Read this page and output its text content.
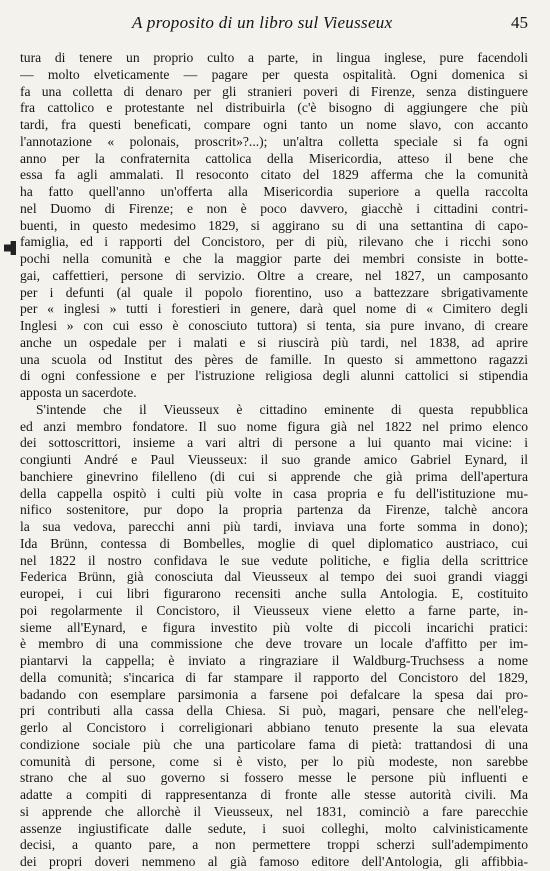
A proposito di un libro sul Vieusseux	45
tura di tenere un proprio culto a parte, in lingua inglese, pure facendoli
— molto elveticamente — pagare per questa ospitalità. Ogni domenica si
fa una colletta di denaro per gli stranieri poveri di Firenze, senza distinguere
fra cattolico e protestante nel distribuirla (c'è bisogno di aggiungere che più
tardi, fra questi beneficati, compare ogni tanto un nome slavo, con accanto
l'annotazione « polonais, proscrit»?...); un'altra colletta speciale si fa ogni
anno per la confraternita cattolica della Misericordia, atteso il bene che
essa fa agli ammalati. Il resoconto citato del 1829 afferma che la comunità
ha fatto quell'anno un'offerta alla Misericordia superiore a quella raccolta
nel Duomo di Firenze; e non è poco davvero, giacchè i cittadini contri-
buenti, in questo medesimo 1829, si aggirano su di una settantina di capo-
famiglia, ed i rapporti del Concistoro, per di più, rilevano che i ricchi sono
pochi nella comunità e che la maggior parte dei membri consiste in botte-
gai, caffettieri, persone di servizio. Oltre a creare, nel 1827, un camposanto
per i defunti (al quale il popolo fiorentino, uso a battezzare sbrigativamente
per « inglesi » tutti i forestieri in genere, darà quel nome di « Cimitero degli
Inglesi » con cui esso è conosciuto tuttora) si tenta, sia pure invano, di creare
anche un ospedale per i malati e si riuscirà più tardi, nel 1838, ad aprire
una scuola od Institut des pères de famille. In questo si ammettono ragazzi
di ogni confessione e per l'istruzione religiosa degli alunni cattolici si stipendia
apposta un sacerdote.
S'intende che il Vieusseux è cittadino eminente di questa repubblica
ed anzi membro fondatore. Il suo nome figura già nel 1822 nel primo elenco
dei sottoscrittori, insieme a vari altri di persone a lui quanto mai vicine: i
congiunti André e Paul Vieusseux: il suo grande amico Gabriel Eynard, il
banchiere ginevrino filelleno (di cui si apprende che già prima dell'apertura
della cappella ospitò i culti più volte in casa propria e fu dell'istituzione mu-
nifico sostenitore, pur dopo la propria partenza da Firenze, talchè ancora
la sua vedova, parecchi anni più tardi, inviava una forte somma in dono);
Ida Brünn, contessa di Bombelles, moglie di quel diplomatico austriaco, cui
nel 1822 il nostro confidava le sue vedute politiche, e figlia della scrittrice
Federica Brünn, già conosciuta dal Vieusseux al tempo dei suoi grandi viaggi
europei, i cui libri figurarono recensiti anche sulla Antologia. E, costituito
poi regolarmente il Concistoro, il Vieusseux viene eletto a farne parte, in-
sieme all'Eynard, e figura investito più volte di piccoli incarichi pratici:
è membro di una commissione che deve trovare un locale d'affitto per im-
piantarvi la cappella; è inviato a ringraziare il Waldburg-Truchsess a nome
della comunità; s'incarica di far stampare il rapporto del Concistoro del 1829,
badando con esemplare parsimonia a farsene poi defalcare la spesa dai pro-
pri contributi alla cassa della Chiesa. Si può, magari, pensare che nell'eleg-
gerlo al Concistoro i correligionari abbiano tenuto presente la sua elevata
condizione sociale più che una particolare fama di pietà: trattandosi di una
comunità di persone, come si è visto, per lo più modeste, non sarebbe
strano che al suo governo si fossero messe le persone più influenti e
adatte a compiti di rappresentanza di fronte alle stesse autorità civili. Ma
si apprende che allorchè il Vieusseux, nel 1831, cominciò a fare parecchie
assenze ingiustificate dalle sedute, i suoi colleghi, molto calvinisticamente
decisi, a quanto pare, a non permettere troppi scherzi sull'adempimento
dei propri doveri nemmeno al già famoso editore dell'Antologia, gli affibbia-
